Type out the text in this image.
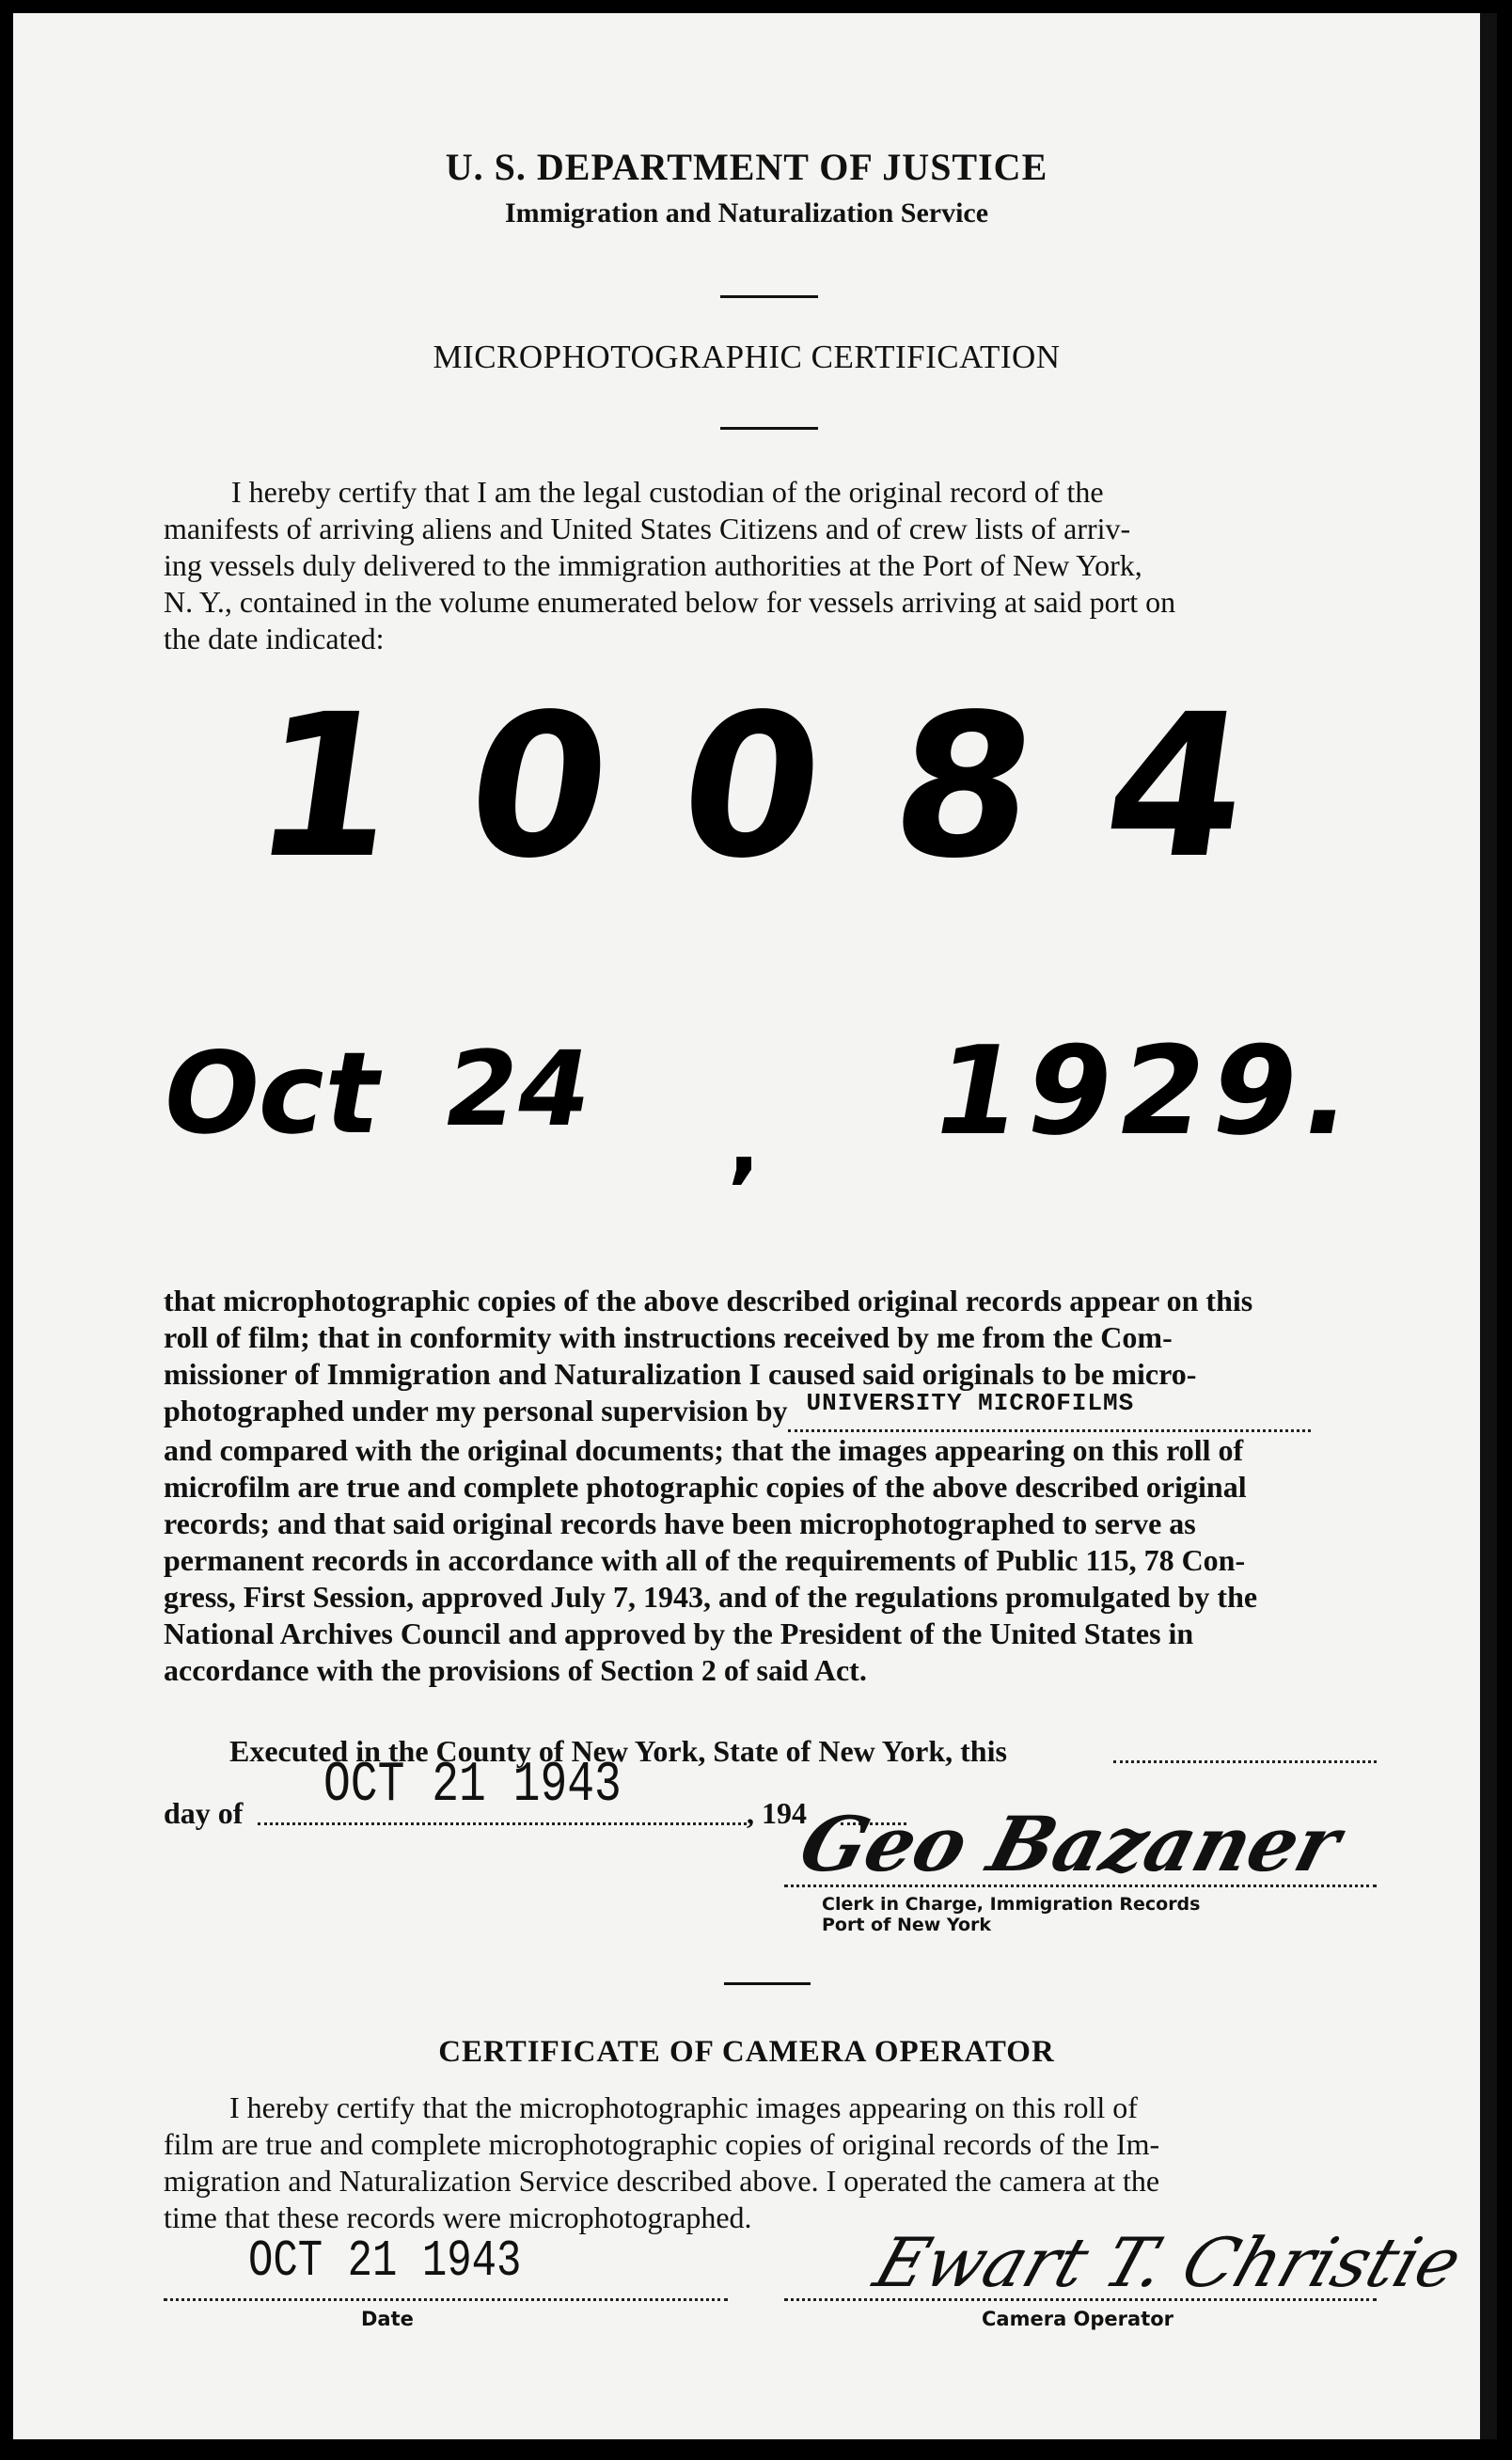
U. S. DEPARTMENT OF JUSTICE
Immigration and Naturalization Service
MICROPHOTOGRAPHIC CERTIFICATION
I hereby certify that I am the legal custodian of the original record of the
manifests of arriving aliens and United States Citizens and of crew lists of arriv-
ing vessels duly delivered to the immigration authorities at the Port of New York,
N. Y., contained in the volume enumerated below for vessels arriving at said port on
the date indicated:
10084
Oct 24 , 1929.
that microphotographic copies of the above described original records appear on this
roll of film; that in conformity with instructions received by me from the Com-
missioner of Immigration and Naturalization I caused said originals to be micro-
photographed under my personal supervision by UNIVERSITY MICROFILMS

and compared with the original documents; that the images appearing on this roll of
microfilm are true and complete photographic copies of the above described original
records; and that said original records have been microphotographed to serve as
permanent records in accordance with all of the requirements of Public 115, 78 Con-
gress, First Session, approved July 7, 1943, and of the regulations promulgated by the
National Archives Council and approved by the President of the United States in
accordance with the provisions of Section 2 of said Act.
Executed in the County of New York, State of New York, this
day of OCT 21 1943	, 194
Geo Bazaner
Clerk in Charge, Immigration Records
Port of New York
CERTIFICATE OF CAMERA OPERATOR
I hereby certify that the microphotographic images appearing on this roll of
film are true and complete microphotographic copies of original records of the Im-
migration and Naturalization Service described above. I operated the camera at the
time that these records were microphotographed.
OCT 21 1943
Date
Ewart T. Christie
Camera Operator
